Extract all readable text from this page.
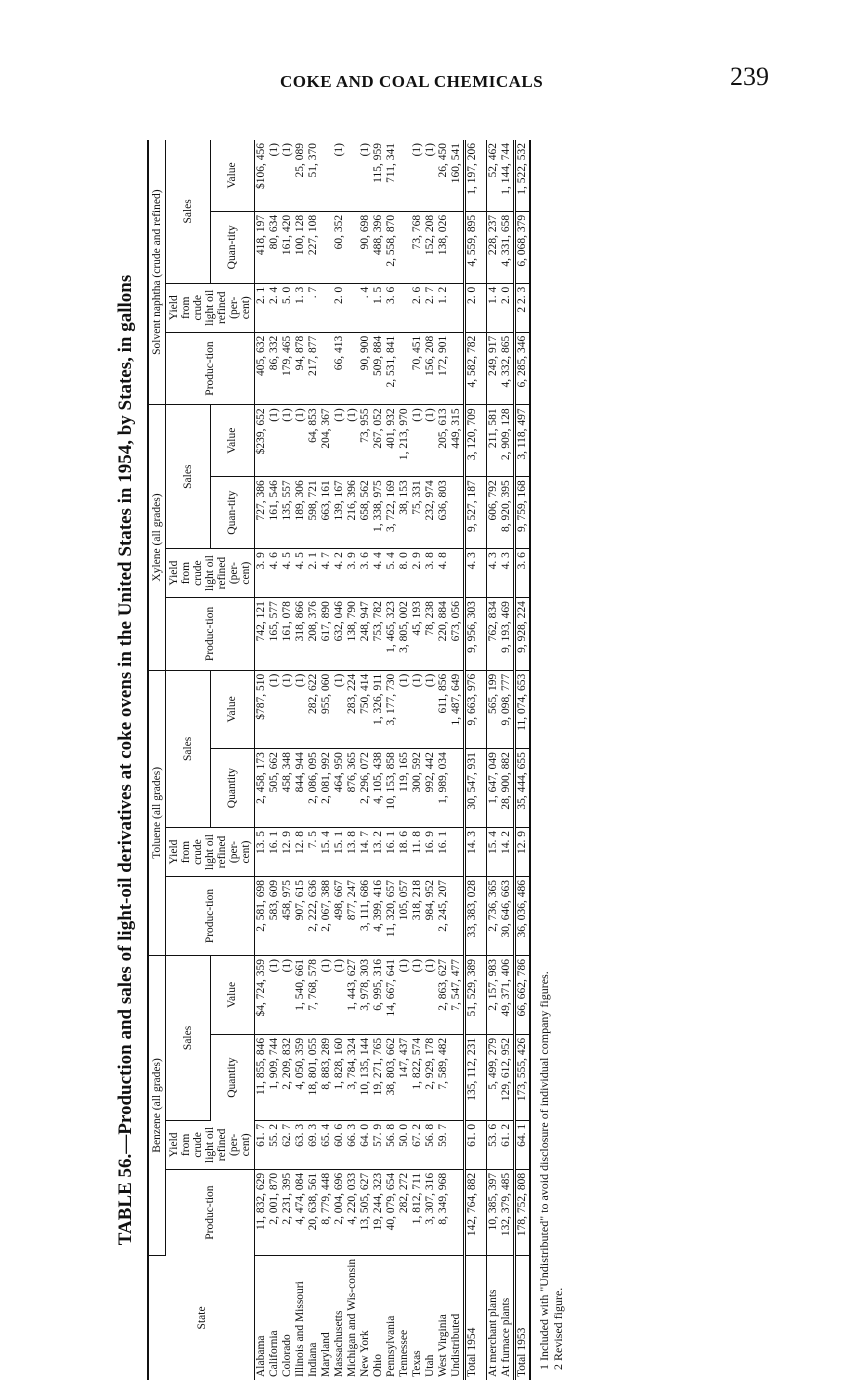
COKE AND COAL CHEMICALS	239
TABLE 56.—Production and sales of light-oil derivatives at coke ovens in the United States in 1954, by States, in gallons
State	Benzene (all grades)				Toluene (all grades)				Xylene (all grades)				Solvent naphtha (crude and refined)			
	Produc-tion	Yield from crude light oil refined (per-cent)	Sales		Produc-tion	Yield from crude light oil refined (per-cent)	Sales		Produc-tion	Yield from crude light oil refined (per-cent)	Sales		Produc-tion	Yield from crude light oil refined (per-cent)	Sales	
			Quantity	Value			Quantity	Value			Quan-tity	Value			Quan-tity	Value
Alabama	11, 832, 629	61. 7	11, 855, 846	$4, 724, 359	2, 581, 698	13. 5	2, 458, 173	$787, 510	742, 121	3. 9	727, 386	$239, 652	405, 632	2. 1	418, 197	$106, 456
California	2, 001, 870	55. 2	1, 909, 744	(1)	583, 609	16. 1	505, 662	(1)	165, 577	4. 6	161, 546	(1)	86, 332	2. 4	80, 634	(1)
Colorado	2, 231, 395	62. 7	2, 209, 832	(1)	458, 975	12. 9	458, 348	(1)	161, 078	4. 5	135, 557	(1)	179, 465	5. 0	161, 420	(1)
Illinois and Missouri	4, 474, 084	63. 3	4, 050, 359	1, 540, 661	907, 615	12. 8	844, 944	(1)	318, 866	4. 5	189, 306	(1)	94, 878	1. 3	100, 128	25, 089
Indiana	20, 638, 561	69. 3	18, 801, 055	7, 768, 578	2, 222, 636	7. 5	2, 086, 095	282, 622	208, 376	2. 1	598, 721	64, 853	217, 877	. 7	227, 108	51, 370
Maryland	8, 779, 448	65. 4	8, 883, 289	(1)	2, 067, 388	15. 4	2, 081, 992	955, 060	617, 890	4. 7	663, 161	204, 367				
Massachusetts	2, 004, 696	60. 6	1, 828, 160	(1)	498, 667	15. 1	464, 950	(1)	632, 046	4. 2	139, 167	(1)	66, 413	2. 0	60, 352	(1)
Michigan and Wis-consin	4, 220, 033	66. 3	3, 784, 324	1, 443, 627	877, 247	13. 8	876, 365	283, 224	138, 790	3. 9	216, 396	(1)				
New York	13, 505, 627	64. 0	10, 135, 144	3, 978, 303	3, 111, 686	14. 7	2, 296, 072	750, 414	248, 947	3. 6	658, 562	73, 955	90, 900	. 4	90, 698	(1)
Ohio	19, 244, 323	57. 9	19, 271, 765	6, 995, 316	4, 399, 416	13. 2	4, 105, 438	1, 326, 911	753, 782	4. 4	1, 338, 975	267, 052	509, 884	1. 5	488, 396	115, 959
Pennsylvania	40, 079, 654	56. 8	38, 803, 662	14, 667, 641	11, 320, 657	16. 1	10, 153, 858	3, 177, 730	1, 465, 323	5. 4	3, 722, 169	401, 932	2, 531, 841	3. 6	2, 558, 870	711, 341
Tennessee	282, 272	50. 0	147, 437	(1)	105, 057	18. 6	119, 165	(1)	3, 805, 002	8. 0	38, 153	1, 213, 970				
Texas	1, 812, 711	67. 2	1, 822, 574	(1)	318, 218	11. 8	300, 592	(1)	45, 193	2. 9	75, 331	(1)	70, 451	2. 6	73, 768	(1)
Utah	3, 307, 316	56. 8	2, 929, 178	(1)	984, 952	16. 9	992, 442	(1)	78, 238	3. 8	232, 974	(1)	156, 208	2. 7	152, 208	(1)
West Virginia	8, 349, 968	59. 7	7, 589, 482	2, 863, 627	2, 245, 207	16. 1	1, 989, 034	611, 856	220, 884	4. 8	636, 803	205, 613	172, 901	1. 2	138, 026	26, 450
Undistributed				7, 547, 477				1, 487, 649	673, 056			449, 315				160, 541
Total 1954	142, 764, 882	61. 0	135, 112, 231	51, 529, 389	33, 383, 028	14. 3	30, 547, 931	9, 663, 976	9, 956, 303	4. 3	9, 527, 187	3, 120, 709	4, 582, 782	2. 0	4, 559, 895	1, 197, 206

At merchant plants	10, 385, 397	53. 6	5, 499, 279	2, 157, 983	2, 736, 365	15. 4	1, 647, 049	565, 199	762, 834	4. 3	606, 792	211, 581	249, 917	1. 4	228, 237	52, 462
At furnace plants	132, 379, 485	61. 2	129, 612, 952	49, 371, 406	30, 646, 663	14. 2	28, 900, 882	9, 098, 777	9, 193, 469	4. 3	8, 920, 395	2, 909, 128	4, 332, 865	2. 0	4, 331, 658	1, 144, 744
Total 1953	178, 752, 808	64. 1	173, 555, 426	66, 662, 786	36, 036, 486	12. 9	35, 444, 655	11, 074, 653	9, 928, 224	3. 6	9, 759, 168	3, 118, 497	6, 285, 346	2 2. 3	6, 068, 379	1, 522, 532
1 Included with "Undistributed" to avoid disclosure of individual company figures. 2 Revised figure.
